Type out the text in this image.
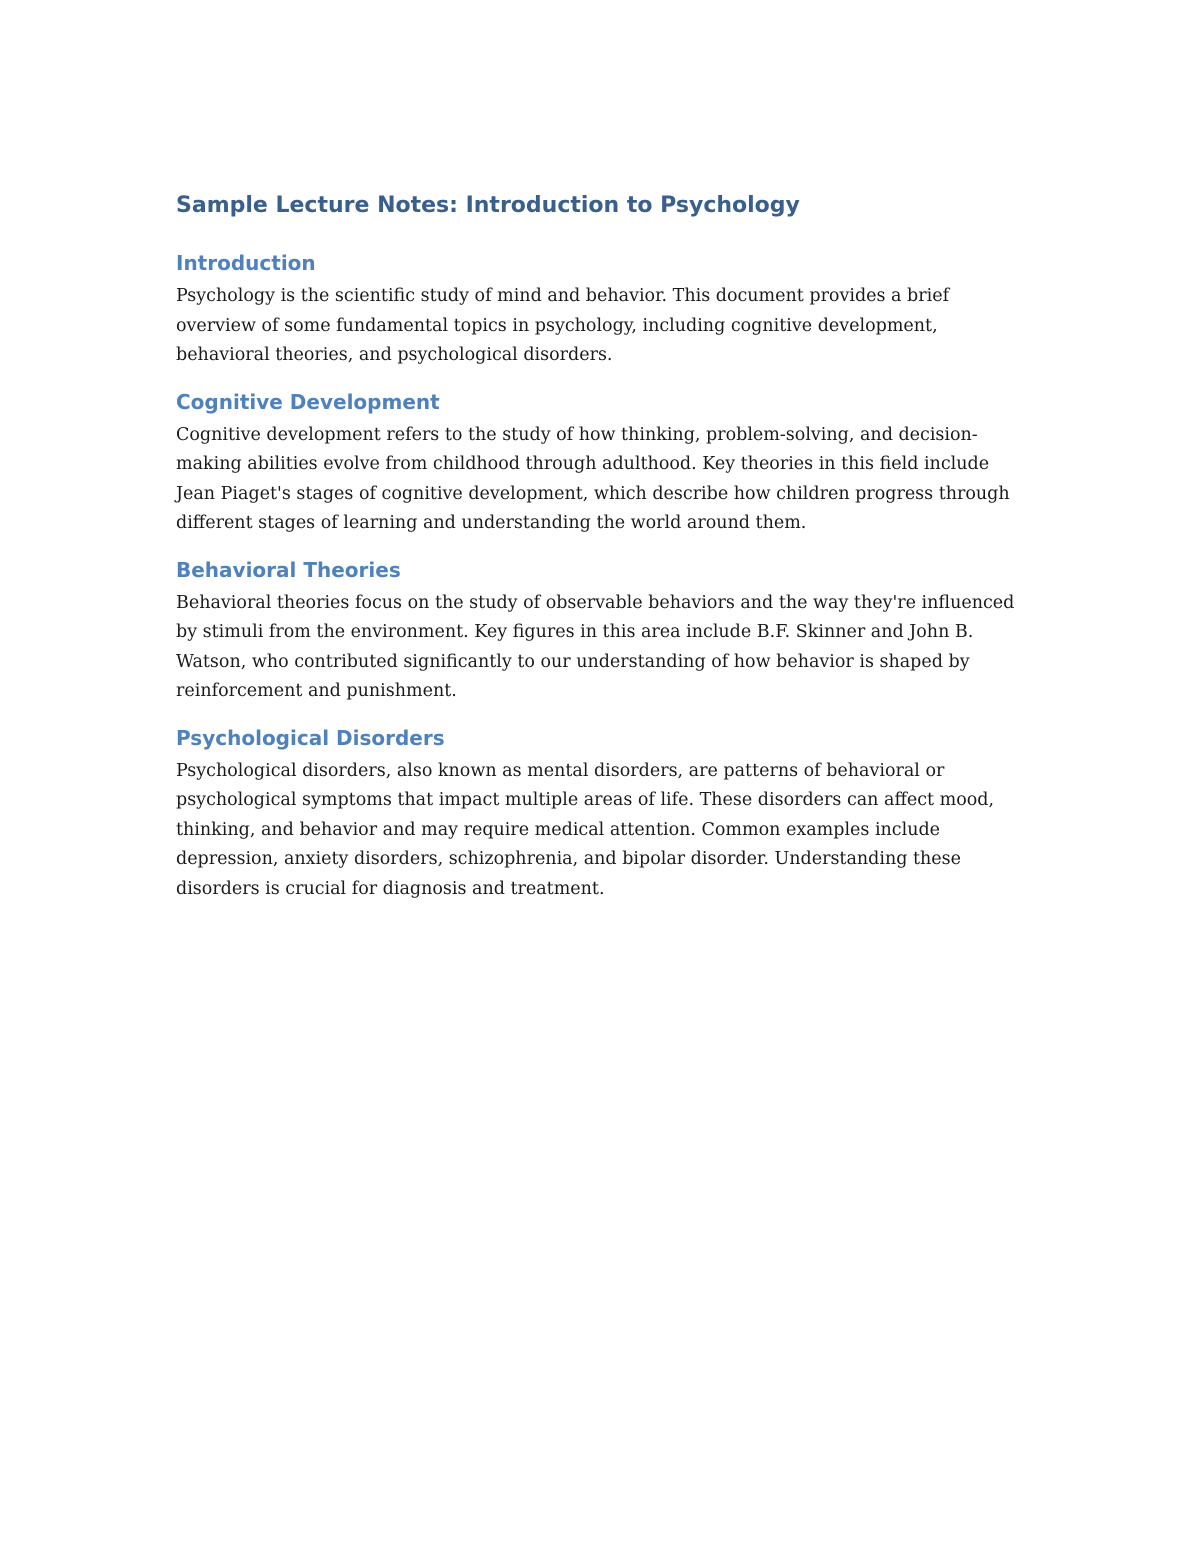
Sample Lecture Notes: Introduction to Psychology
Introduction

Psychology is the scientific study of mind and behavior. This document provides a brief overview of some fundamental topics in psychology, including cognitive development, behavioral theories, and psychological disorders.

Cognitive Development

Cognitive development refers to the study of how thinking, problem-solving, and decision-making abilities evolve from childhood through adulthood. Key theories in this field include Jean Piaget's stages of cognitive development, which describe how children progress through different stages of learning and understanding the world around them.

Behavioral Theories

Behavioral theories focus on the study of observable behaviors and the way they're influenced by stimuli from the environment. Key figures in this area include B.F. Skinner and John B. Watson, who contributed significantly to our understanding of how behavior is shaped by reinforcement and punishment.

Psychological Disorders

Psychological disorders, also known as mental disorders, are patterns of behavioral or psychological symptoms that impact multiple areas of life. These disorders can affect mood, thinking, and behavior and may require medical attention. Common examples include depression, anxiety disorders, schizophrenia, and bipolar disorder. Understanding these disorders is crucial for diagnosis and treatment.
